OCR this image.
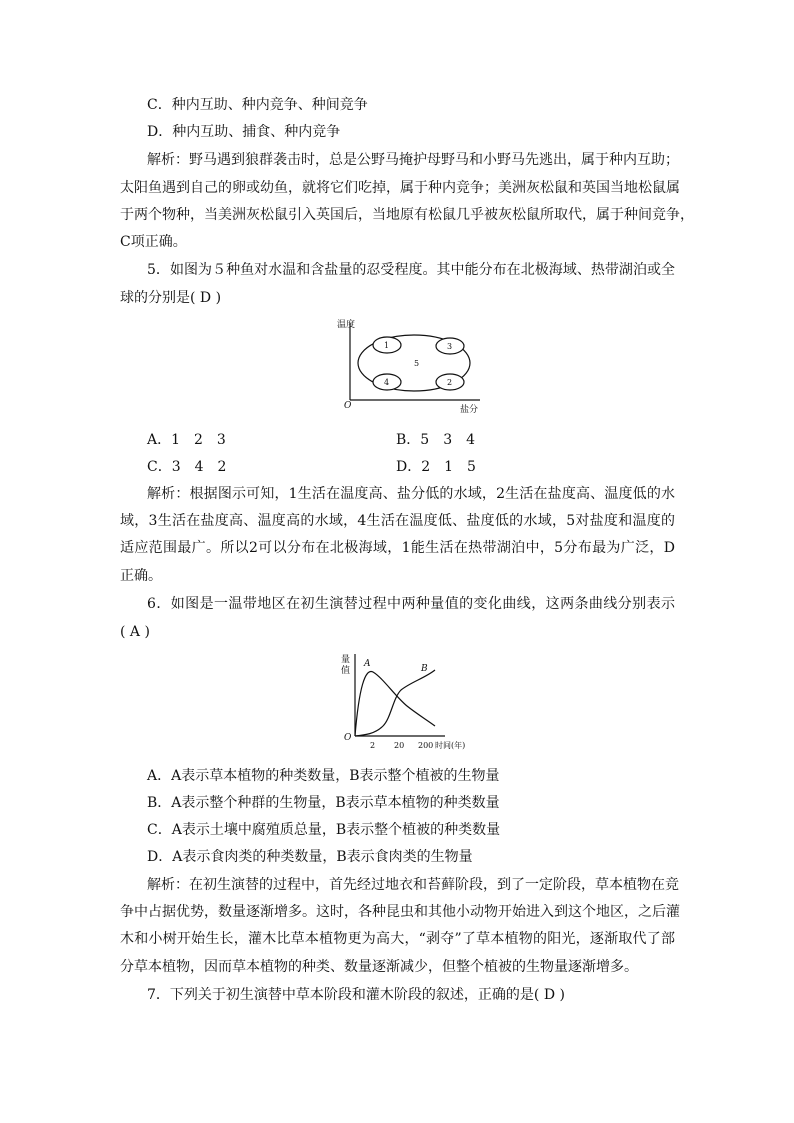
C．种内互助、种内竞争、种间竞争
D．种内互助、捕食、种内竞争
解析：野马遇到狼群袭击时，总是公野马掩护母野马和小野马先逃出，属于种内互助；
太阳鱼遇到自己的卵或幼鱼，就将它们吃掉，属于种内竞争；美洲灰松鼠和英国当地松鼠属
于两个物种，当美洲灰松鼠引入英国后，当地原有松鼠几乎被灰松鼠所取代，属于种间竞争，
C项正确。
5．如图为５种鱼对水温和含盐量的忍受程度。其中能分布在北极海域、热带湖泊或全
球的分别是( D )
温度
O	盐分
1	3
5
4	2
A．1　2　3	B．5　3　4
C．3　4　2	D．2　1　5
解析：根据图示可知，1生活在温度高、盐分低的水域，2生活在盐度高、温度低的水
域，3生活在盐度高、温度高的水域，4生活在温度低、盐度低的水域，5对盐度和温度的
适应范围最广。所以2可以分布在北极海域，1能生活在热带湖泊中，5分布最为广泛，D
正确。
6．如图是一温带地区在初生演替过程中两种量值的变化曲线，这两条曲线分别表示
( A )
量
值
O
A	B
2 20 200 时间(年)
A．A表示草本植物的种类数量，B表示整个植被的生物量
B．A表示整个种群的生物量，B表示草本植物的种类数量
C．A表示土壤中腐殖质总量，B表示整个植被的种类数量
D．A表示食肉类的种类数量，B表示食肉类的生物量
解析：在初生演替的过程中，首先经过地衣和苔藓阶段，到了一定阶段，草本植物在竞
争中占据优势，数量逐渐增多。这时，各种昆虫和其他小动物开始进入到这个地区，之后灌
木和小树开始生长，灌木比草本植物更为高大，“剥夺”了草本植物的阳光，逐渐取代了部
分草本植物，因而草本植物的种类、数量逐渐减少，但整个植被的生物量逐渐增多。
7．下列关于初生演替中草本阶段和灌木阶段的叙述，正确的是( D )
